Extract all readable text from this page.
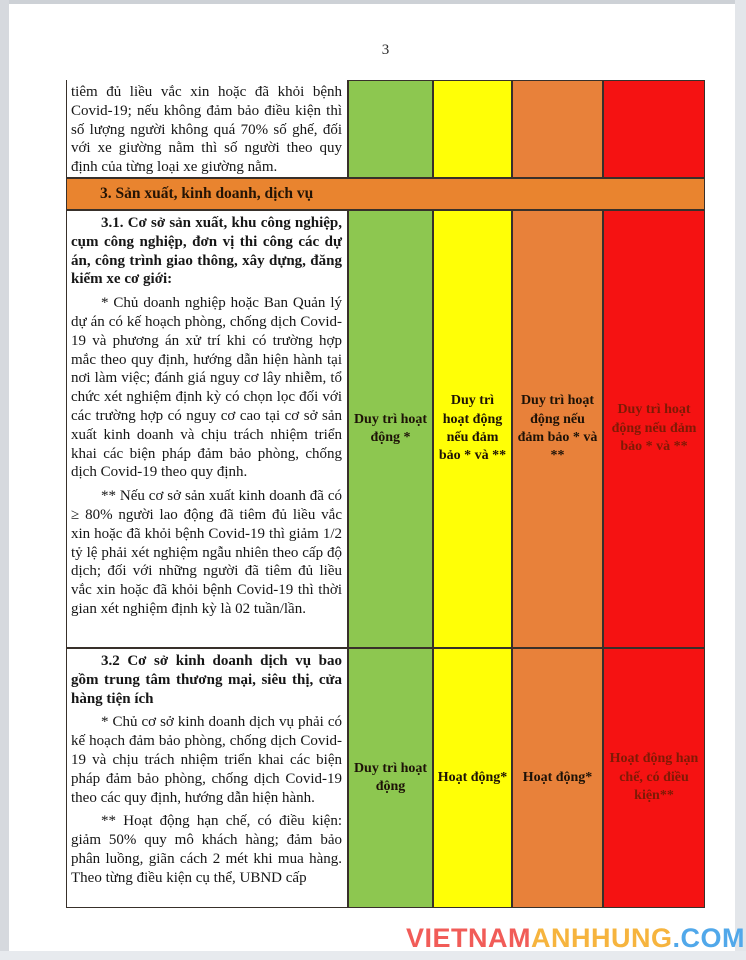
3

tiêm đủ liều vắc xin hoặc đã khỏi bệnh Covid-19; nếu không đảm bảo điều kiện thì số lượng người không quá 70% số ghế, đối với xe giường nằm thì số người theo quy định của từng loại xe giường nằm.

3. Sản xuất, kinh doanh, dịch vụ

3.1. Cơ sở sản xuất, khu công nghiệp, cụm công nghiệp, đơn vị thi công các dự án, công trình giao thông, xây dựng, đăng kiểm xe cơ giới:

* Chủ doanh nghiệp hoặc Ban Quản lý dự án có kế hoạch phòng, chống dịch Covid-19 và phương án xử trí khi có trường hợp mắc theo quy định, hướng dẫn hiện hành tại nơi làm việc; đánh giá nguy cơ lây nhiễm, tổ chức xét nghiệm định kỳ có chọn lọc đối với các trường hợp có nguy cơ cao tại cơ sở sản xuất kinh doanh và chịu trách nhiệm triển khai các biện pháp đảm bảo phòng, chống dịch Covid-19 theo quy định.

** Nếu cơ sở sản xuất kinh doanh đã có ≥ 80% người lao động đã tiêm đủ liều vắc xin hoặc đã khỏi bệnh Covid-19 thì giảm 1/2 tỷ lệ phải xét nghiệm ngẫu nhiên theo cấp độ dịch; đối với những người đã tiêm đủ liều vắc xin hoặc đã khỏi bệnh Covid-19 thì thời gian xét nghiệm định kỳ là 02 tuần/lần.

Duy trì hoạt động *
Duy trì hoạt động nếu đảm bảo * và **
Duy trì hoạt động nếu đảm bảo * và **
Duy trì hoạt động nếu đảm bảo * và **

3.2 Cơ sở kinh doanh dịch vụ bao gồm trung tâm thương mại, siêu thị, cửa hàng tiện ích

* Chủ cơ sở kinh doanh dịch vụ phải có kế hoạch đảm bảo phòng, chống dịch Covid-19 và chịu trách nhiệm triển khai các biện pháp đảm bảo phòng, chống dịch Covid-19 theo các quy định, hướng dẫn hiện hành.

** Hoạt động hạn chế, có điều kiện: giảm 50% quy mô khách hàng; đảm bảo phân luồng, giãn cách 2 mét khi mua hàng. Theo từng điều kiện cụ thể, UBND cấp

Duy trì hoạt động
Hoạt động* Hoạt động*
Hoạt động hạn chế, có điều kiện**
VIETNAMANHHUNG.COM
